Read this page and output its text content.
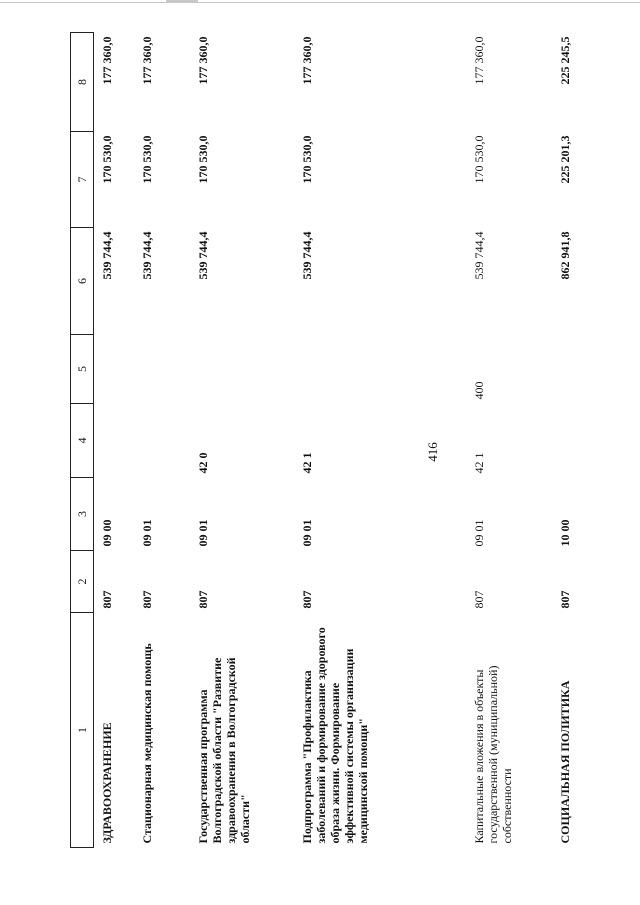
416
1	2	3	4	5	6	7	8
ЗДРАВООХРАНЕНИЕ	807	09 00			539 744,4	170 530,0	177 360,0
Стационарная медицинская помощь	807	09 01			539 744,4	170 530,0	177 360,0
Государственная программа Волгоградской области "Развитие здравоохранения в Волгоградской области"	807	09 01	42 0		539 744,4	170 530,0	177 360,0
Подпрограмма "Профилактика заболеваний и формирование здорового образа жизни. Формирование эффективной системы организации медицинской помощи"	807	09 01	42 1		539 744,4	170 530,0	177 360,0
Капитальные вложения в объекты государственной (муниципальной) собственности	807	09 01	42 1	400	539 744,4	170 530,0	177 360,0
СОЦИАЛЬНАЯ ПОЛИТИКА	807	10 00			862 941,8	225 201,3	225 245,5
